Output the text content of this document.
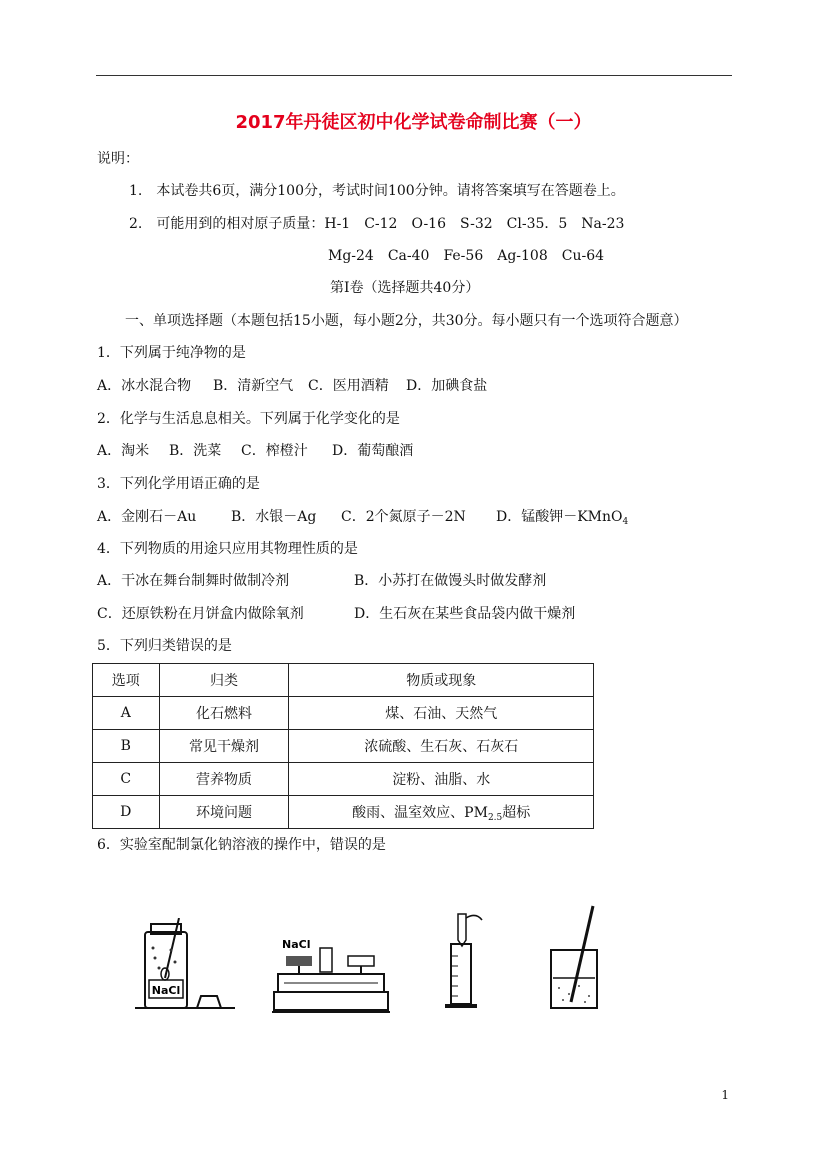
2017年丹徒区初中化学试卷命制比赛（一）
说明：
1.　本试卷共6页，满分100分，考试时间100分钟。请将答案填写在答题卷上。
2.　可能用到的相对原子质量：H-1　C-12　O-16　S-32　Cl-35．5　Na-23
Mg-24　Ca-40　Fe-56　Ag-108　Cu-64
第Ⅰ卷（选择题共40分）
一、单项选择题（本题包括15小题，每小题2分，共30分。每小题只有一个选项符合题意）
1．下列属于纯净物的是
A．冰水混合物 B．清新空气 C．医用酒精 D．加碘食盐
2．化学与生活息息相关。下列属于化学变化的是
A．淘米 B．洗菜 C．榨橙汁 D．葡萄酿酒
3．下列化学用语正确的是
A．金刚石－Au B．水银－Ag C．2个氮原子－2N D．锰酸钾－KMnO$_4$
4．下列物质的用途只应用其物理性质的是
A．干冰在舞台制舞时做制冷剂	B．小苏打在做馒头时做发酵剂
C．还原铁粉在月饼盒内做除氧剂	D．生石灰在某些食品袋内做干燥剂
5．下列归类错误的是
选项	归类	物质或现象
A	化石燃料	煤、石油、天然气
B	常见干燥剂	浓硫酸、生石灰、石灰石
C	营养物质	淀粉、油脂、水
D	环境问题	酸雨、温室效应、$PM_{2.5}$超标
6．实验室配制氯化钠溶液的操作中，错误的是
NaCl
NaCl
1
